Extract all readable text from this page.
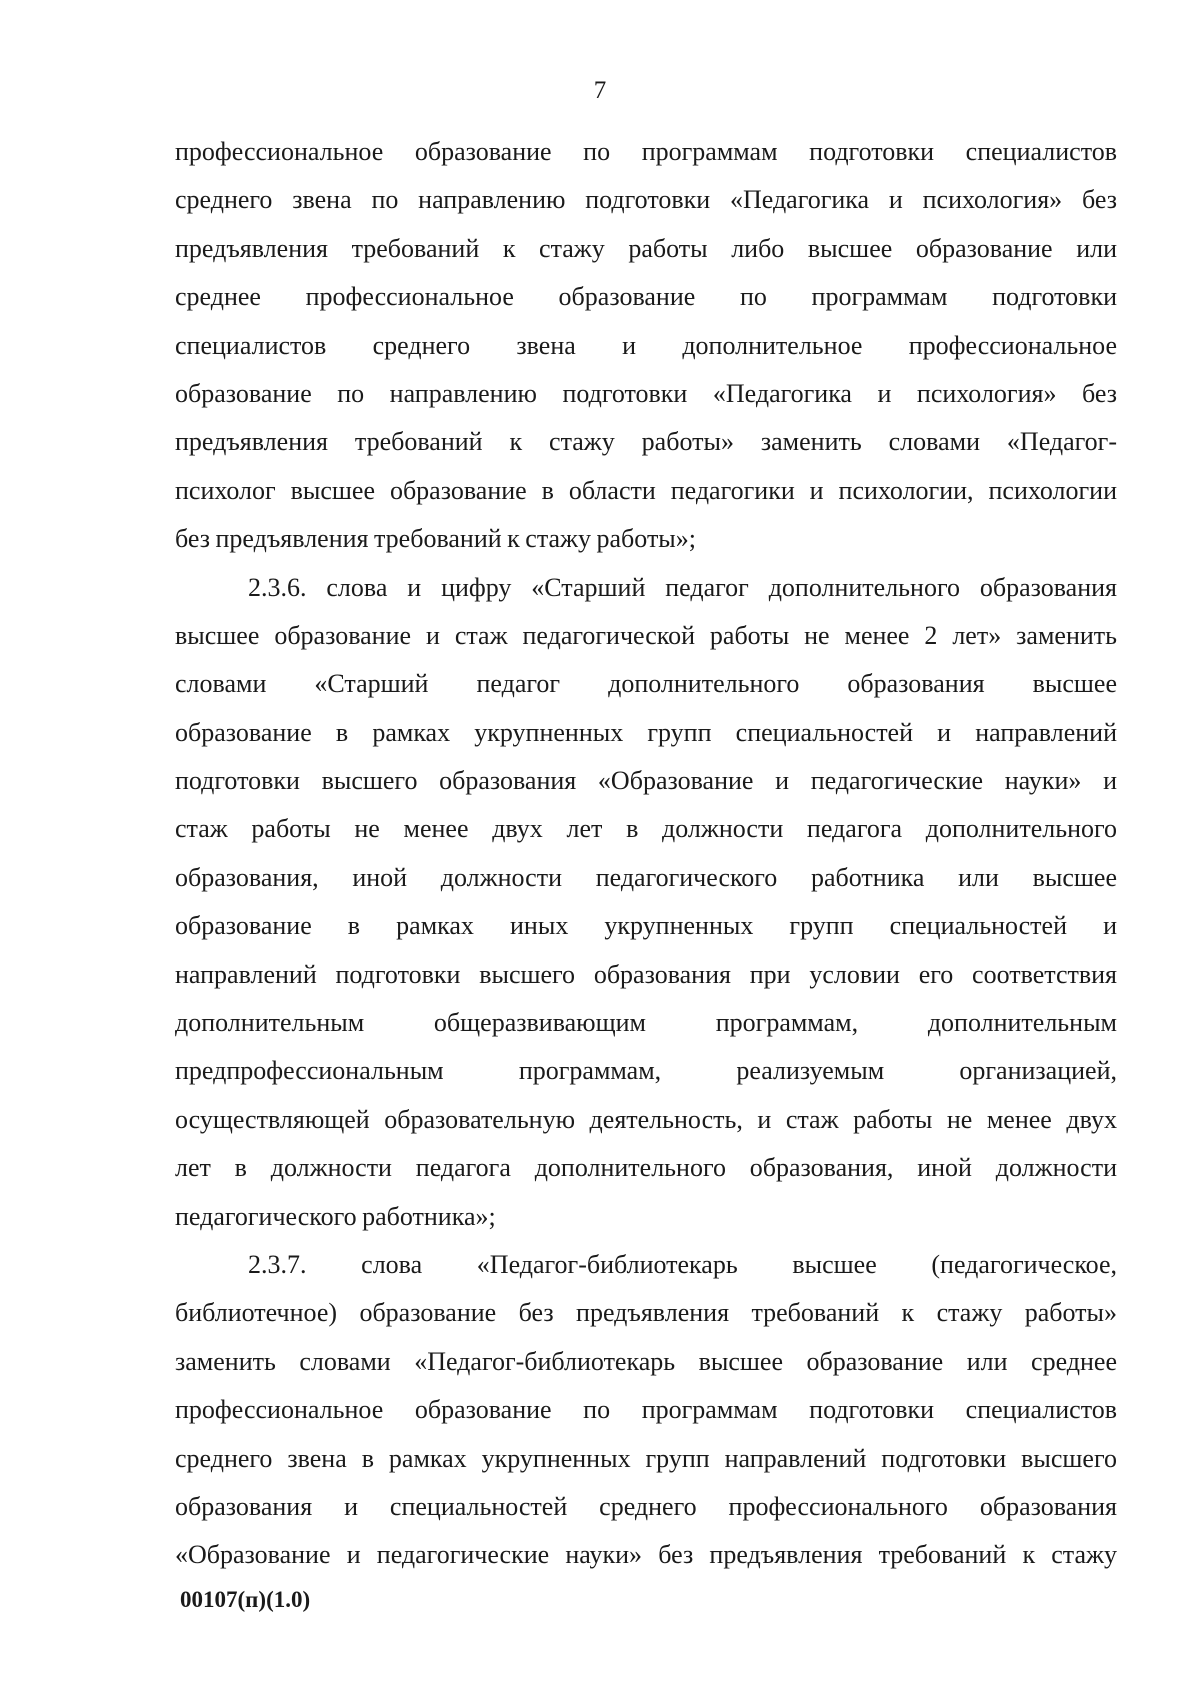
7
профессиональное образование по программам подготовки специалистов
среднего звена по направлению подготовки «Педагогика и психология» без
предъявления требований к стажу работы либо высшее образование или
среднее профессиональное образование по программам подготовки
специалистов среднего звена и дополнительное профессиональное
образование по направлению подготовки «Педагогика и психология» без
предъявления требований к стажу работы» заменить словами «Педагог-
психолог высшее образование в области педагогики и психологии, психологии
без предъявления требований к стажу работы»;
2.3.6. слова и цифру «Старший педагог дополнительного образования
высшее образование и стаж педагогической работы не менее 2 лет» заменить
словами «Старший педагог дополнительного образования высшее
образование в рамках укрупненных групп специальностей и направлений
подготовки высшего образования «Образование и педагогические науки» и
стаж работы не менее двух лет в должности педагога дополнительного
образования, иной должности педагогического работника или высшее
образование в рамках иных укрупненных групп специальностей и
направлений подготовки высшего образования при условии его соответствия
дополнительным общеразвивающим программам, дополнительным
предпрофессиональным программам, реализуемым организацией,
осуществляющей образовательную деятельность, и стаж работы не менее двух
лет в должности педагога дополнительного образования, иной должности
педагогического работника»;
2.3.7. слова «Педагог-библиотекарь высшее (педагогическое,
библиотечное) образование без предъявления требований к стажу работы»
заменить словами «Педагог-библиотекарь высшее образование или среднее
профессиональное образование по программам подготовки специалистов
среднего звена в рамках укрупненных групп направлений подготовки высшего
образования и специальностей среднего профессионального образования
«Образование и педагогические науки» без предъявления требований к стажу
00107(п)(1.0)
